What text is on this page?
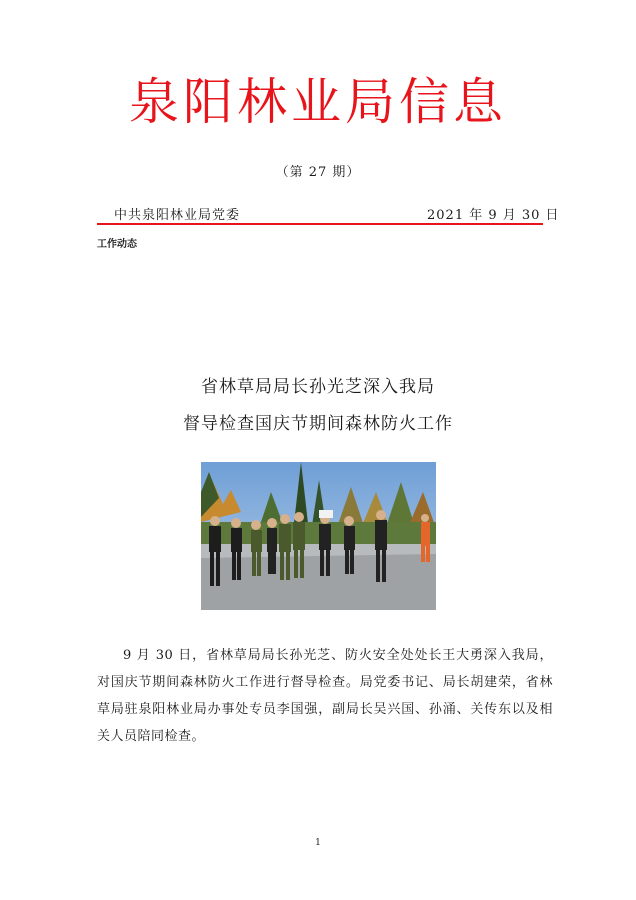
泉阳林业局信息
（第 27 期）
中共泉阳林业局党委	2021 年 9 月 30 日
工作动态
省林草局局长孙光芝深入我局
督导检查国庆节期间森林防火工作
9 月 30 日，省林草局局长孙光芝、防火安全处处长王大勇深入我局，对国庆节期间森林防火工作进行督导检查。局党委书记、局长胡建荣，省林草局驻泉阳林业局办事处专员李国强，副局长吴兴国、孙涌、关传东以及相关人员陪同检查。
1
